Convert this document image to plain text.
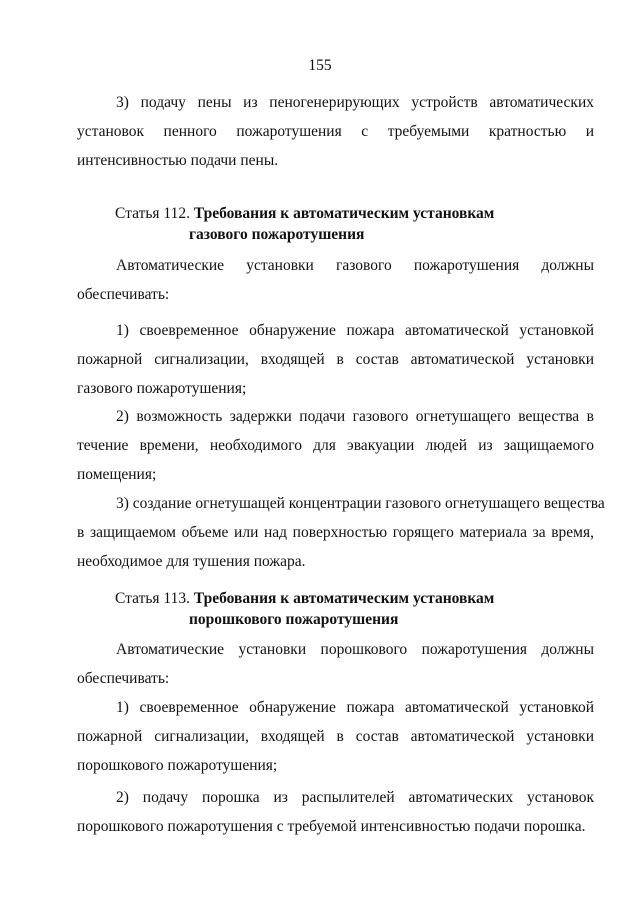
155
3) подачу пены из пеногенерирующих устройств автоматических
установок пенного пожаротушения с требуемыми кратностью и
интенсивностью подачи пены.
Статья 112. Требования к автоматическим установкам
газового пожаротушения
Автоматические установки газового пожаротушения должны
обеспечивать:
1) своевременное обнаружение пожара автоматической установкой
пожарной сигнализации, входящей в состав автоматической установки
газового пожаротушения;
2) возможность задержки подачи газового огнетушащего вещества в
течение времени, необходимого для эвакуации людей из защищаемого
помещения;
3) создание огнетушащей концентрации газового огнетушащего вещества
в защищаемом объеме или над поверхностью горящего материала за время,
необходимое для тушения пожара.
Статья 113. Требования к автоматическим установкам
порошкового пожаротушения
Автоматические установки порошкового пожаротушения должны
обеспечивать:
1) своевременное обнаружение пожара автоматической установкой
пожарной сигнализации, входящей в состав автоматической установки
порошкового пожаротушения;
2) подачу порошка из распылителей автоматических установок
порошкового пожаротушения с требуемой интенсивностью подачи порошка.
